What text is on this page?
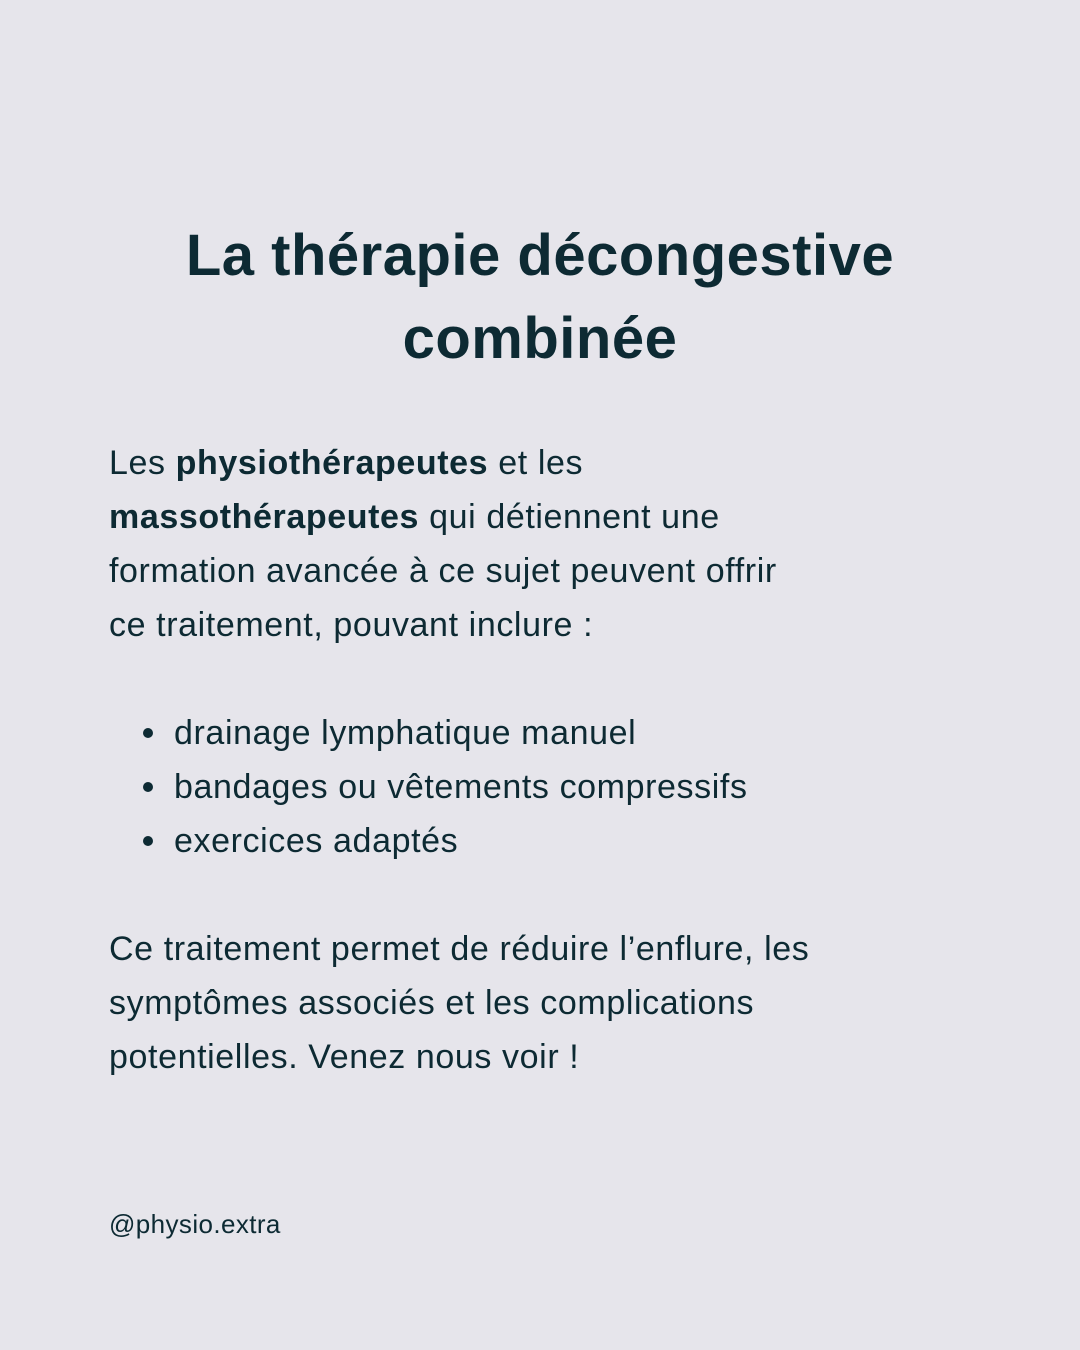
La thérapie décongestive
combinée
Les physiothérapeutes et les
massothérapeutes qui détiennent une
formation avancée à ce sujet peuvent offrir
ce traitement, pouvant inclure :
drainage lymphatique manuel
bandages ou vêtements compressifs
exercices adaptés
Ce traitement permet de réduire l’enflure, les
symptômes associés et les complications
potentielles. Venez nous voir !
@physio.extra
